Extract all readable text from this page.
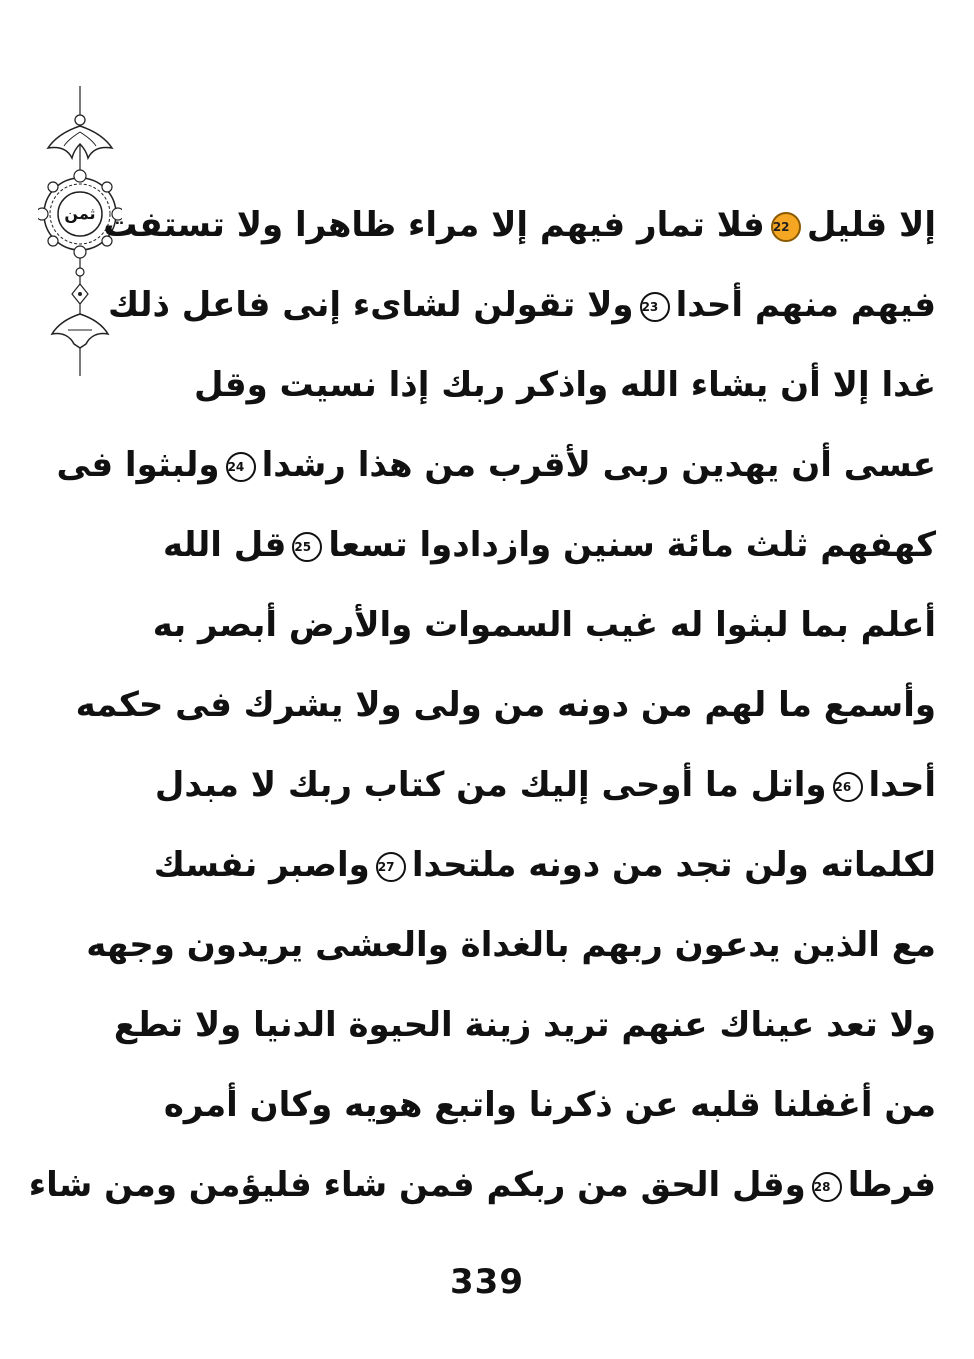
ثمن	إلا قليل22فلا تمار فيهم إلا مراء ظاهرا ولا تستفت
فيهم منهم أحدا23ولا تقولن لشاىء إنى فاعل ذلك
غدا إلا أن يشاء الله واذكر ربك إذا نسيت وقل
عسى أن يهدين ربى لأقرب من هذا رشدا24ولبثوا فى
كهفهم ثلث مائة سنين وازدادوا تسعا25قل الله
أعلم بما لبثوا له غيب السموات والأرض أبصر به
وأسمع ما لهم من دونه من ولى ولا يشرك فى حكمه
أحدا26واتل ما أوحى إليك من كتاب ربك لا مبدل
لكلماته ولن تجد من دونه ملتحدا27واصبر نفسك
مع الذين يدعون ربهم بالغداة والعشى يريدون وجهه
ولا تعد عيناك عنهم تريد زينة الحيوة الدنيا ولا تطع
من أغفلنا قلبه عن ذكرنا واتبع هويه وكان أمره
فرطا28وقل الحق من ربكم فمن شاء فليؤمن ومن شاء
339
